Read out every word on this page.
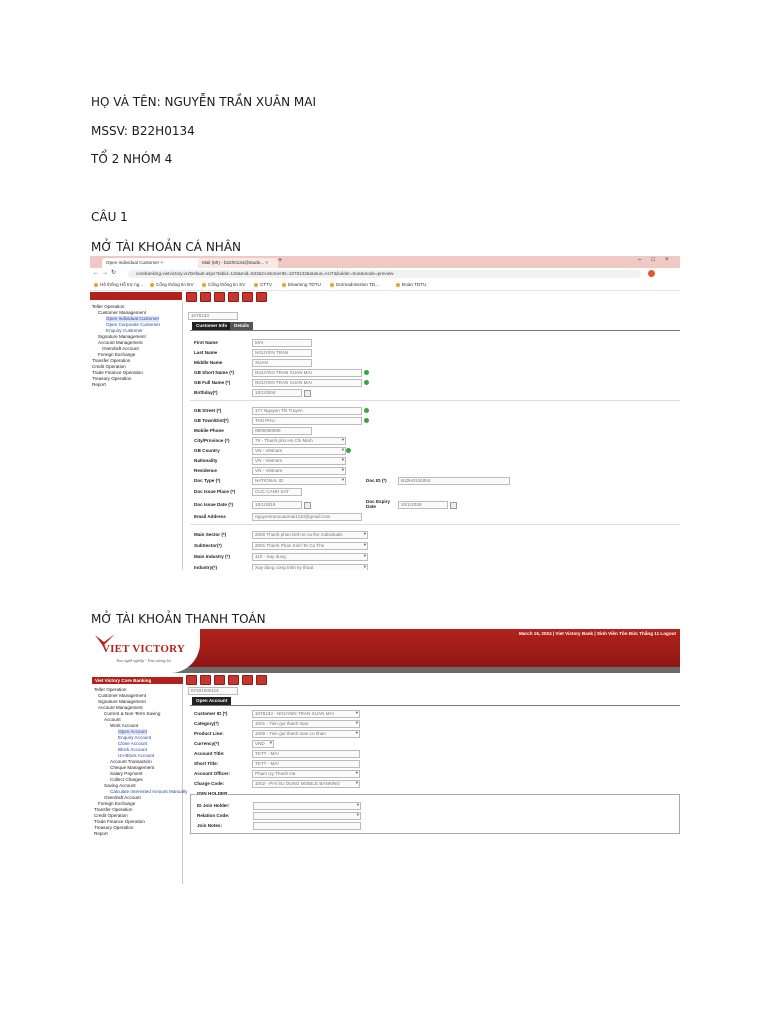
HỌ VÀ TÊN: NGUYỄN TRẦN XUÂN MAI
MSSV: B22H0134
TỔ 2 NHÓM 4
CÂU 1
MỞ TÀI KHOẢN CÁ NHÂN
Open Individual Customer ×	Mail (MI) - b22h0134@stude... ×	+	–□×
←→↻	corebanking.vietvictory.vn/Default.aspx?tabid=115&mid=533&CustomerID=1078133&status=AUT&bulder=true&mode=preview
Hệ thống Hỗ trợ ng...	Cổng thông tin ĐV	Cổng thông tin SV	CTTV	Elearning TDTU	Dormadmission TD...	Đoàn TDTU
Teller Operation
Customer Management
Open Individual Customer
Open Corporate Customer
Enquiry Customer
Signature Management
Account Management
Overdraft Account
Foreign Exchange
Transfer Operation
Credit Operation
Trade Finance Operation
Treasury Operation
Report
1078133
Customer Info	Details
First Name	MAI
Last Name	NGUYEN TRAN
Middle Name	XUAN
GB Short Name (*)	NGUYEN TRAN XUAN MAI
GB Full Name (*)	NGUYEN TRAN XUAN MAI
Birthday(*)	10/1/2004
GB Street (*)	177 Nguyen Thi Truyen
GB Town/Dist(*)	TAN PHU
Mobile Phone	0909090909
City/Province (*)	79 - Thanh pho Ho Chi Minh ▾
GB Country	VN - Vietnam ▾
Nationality	VN - Vietnam ▾
Residence	VN - Vietnam ▾
Doc Type (*)	NATIONAL ID ▾	Doc ID (*)	B22H0134004
Doc Issue Place (*)	CUC CANH SAT
Doc Issue Date (*)	10/1/2019
Doc Expiry Date	10/1/2029
Email Address	nguyentranxuanmai1110@gmail.com
Main Sector (*)	2000 Thanh phan kinh te ca the Individuals ▾
SubSector(*)	2001 Thanh Phan Kinh Te Ca The ▾
Main Industry (*)	110 - Xay dung ▾
Industry(*)	Xay dung cong trinh ky thuat ▾
MỞ TÀI KHOẢN THANH TOÁN
March 16, 2024 | Viet Victory Bank | Sinh Viên Tôn Đức Thắng 11 Logout
VIET VICTORY
Trao nghề nghiệp - Trao tương lai
Viet Victory Core Banking
Teller Operation
Customer Management
Signature Management
Account Management
Current & Non-Term Saving Account
Work Account
Open Account
Enquiry Account
Close Account
Block Account
Un-Block Account
Account Transaction
Cheque Management
Salary Payment
Collect Charges
Saving Account
Calculate Interested Amount Manually
Overdraft Account
Foreign Exchange
Transfer Operation
Credit Operation
Trade Finance Operation
Treasury Operation
Report
07101000101
Open Account
Customer ID (*)	1078133 - NGUYEN TRAN XUAN MAI ▾
Category(*)	1001 - Tien gui thanh toan ▾
Product Line:	1000 - Tien gui thanh toan co khan ▾
Currency(*)	VND ▾
Account Title:	TKTT - MAI
Short Title:	TKTT - MAI
Account Officer:	Pham Uy Thanh Ha ▾
Charge Code:	1002 - PHI SU DUNG MOBILE BANKING ▾
JOIN HOLDER
ID Join Holder:
▾
Relation Code:
▾
Join Notes:
